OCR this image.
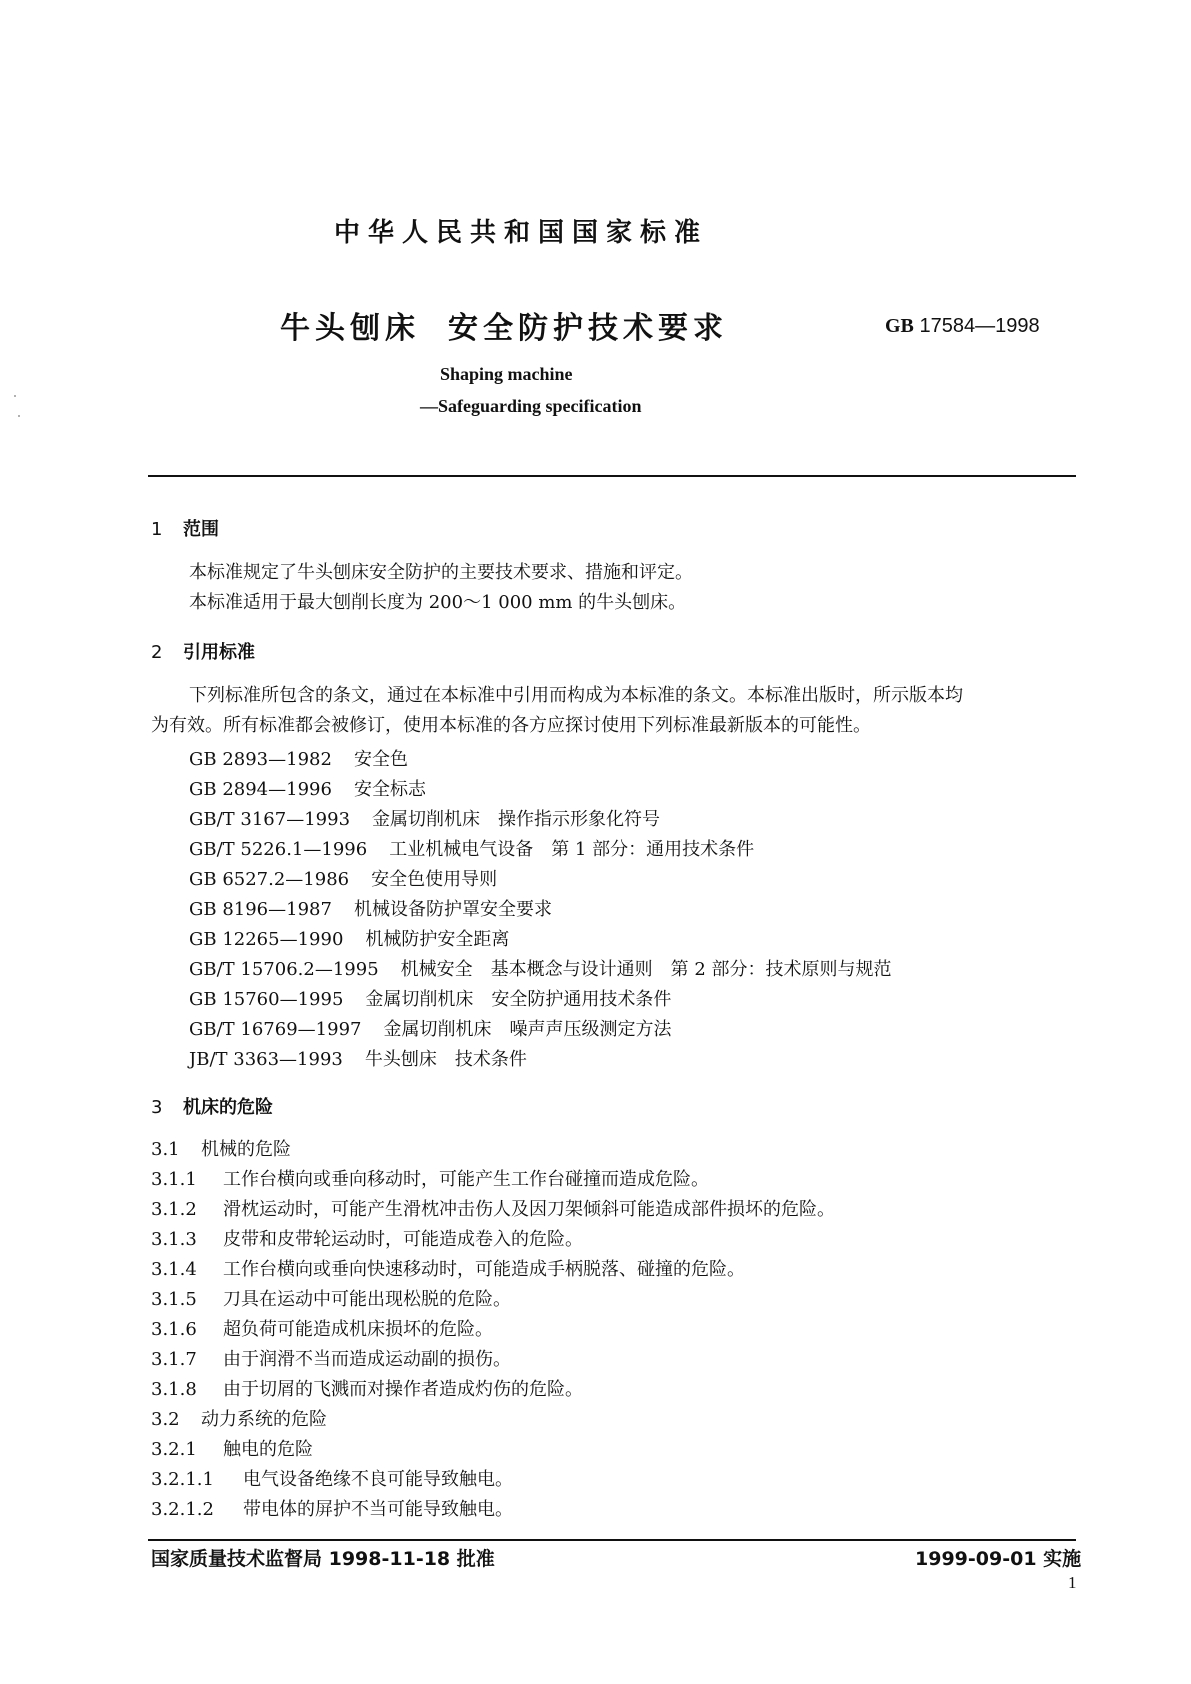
中华人民共和国国家标准
牛头刨床 安全防护技术要求	GB 17584—1998
Shaping machine
—Safeguarding specification
1 范围
本标准规定了牛头刨床安全防护的主要技术要求、措施和评定。
本标准适用于最大刨削长度为 200～1 000 mm 的牛头刨床。
2 引用标准
下列标准所包含的条文，通过在本标准中引用而构成为本标准的条文。本标准出版时，所示版本均
为有效。所有标准都会被修订，使用本标准的各方应探讨使用下列标准最新版本的可能性。
GB 2893—1982 安全色
GB 2894—1996 安全标志
GB/T 3167—1993 金属切削机床　操作指示形象化符号
GB/T 5226.1—1996 工业机械电气设备　第 1 部分：通用技术条件
GB 6527.2—1986 安全色使用导则
GB 8196—1987 机械设备防护罩安全要求
GB 12265—1990 机械防护安全距离
GB/T 15706.2—1995 机械安全　基本概念与设计通则　第 2 部分：技术原则与规范
GB 15760—1995 金属切削机床　安全防护通用技术条件
GB/T 16769—1997 金属切削机床　噪声声压级测定方法
JB/T 3363—1993 牛头刨床　技术条件
3 机床的危险
3.1 机械的危险
3.1.1 工作台横向或垂向移动时，可能产生工作台碰撞而造成危险。
3.1.2 滑枕运动时，可能产生滑枕冲击伤人及因刀架倾斜可能造成部件损坏的危险。
3.1.3 皮带和皮带轮运动时，可能造成卷入的危险。
3.1.4 工作台横向或垂向快速移动时，可能造成手柄脱落、碰撞的危险。
3.1.5 刀具在运动中可能出现松脱的危险。
3.1.6 超负荷可能造成机床损坏的危险。
3.1.7 由于润滑不当而造成运动副的损伤。
3.1.8 由于切屑的飞溅而对操作者造成灼伤的危险。
3.2 动力系统的危险
3.2.1 触电的危险
3.2.1.1 电气设备绝缘不良可能导致触电。
3.2.1.2 带电体的屏护不当可能导致触电。
国家质量技术监督局 1998-11-18 批准	1999-09-01 实施
1
